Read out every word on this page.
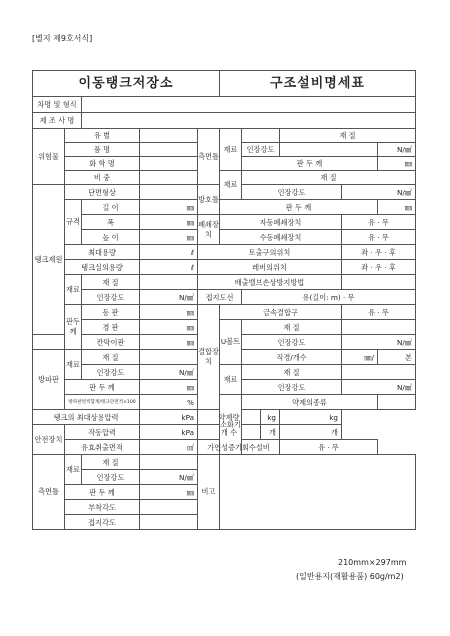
[별지 제9호서식]
이동탱크저장소					구조설비명세표					
차명 및 형식										
제 조 사 명										
위험물	유 별			측면틀	재료			재 질		
	품 명					인장강도				N/㎟
	화 학 명					판 두 께				㎜
	비 중				재료	재 질				
탱크제원	단면형상			방호틀		인장강도			N/㎟	
	규격	길 이	㎜		판 두 께					㎜
		폭	㎜	폐쇄장치	자동폐쇄장치				유 · 무	
		높 이	㎜		수동폐쇄장치				유 · 무	
	최대용량		ℓ	토출구의위치					좌 · 우 · 후	
	탱크실의용량		ℓ	레버의위치					좌 · 우 · 후	
	재료	재 질		배출밸브손상방지방법						
		인장강도	N/㎟	접지도선		유(길이: m) · 무				
	판두께	동 판	㎜	결합장치	금속결합구				유 · 무	
		경 판	㎜		U볼트	재 질				
		칸막이판	㎜			인장강도			N/㎟	
방파판	재료	재 질				직경/개수			㎜/	본
		인장강도	N/㎟		재료	재 질				
	판 두 께		㎜			인장강도			N/㎟	
	방파판면적합계/탱크단면적×100		%		소화기	약제의종류				
탱크의 최대상용압력			kPa	약제량			kg	kg		
안전장치	작동압력		kPa	개 수			개	개		
	유효취출면적		㎠	가연성증기회수설비				유 · 무		
측면틀	재료	재 질		비고						
		인장강도	N/㎟							
	판 두 께		㎜							
	부착각도									
	접지각도									
210mm×297mm
(일반용지(재활용품) 60g/m2)
